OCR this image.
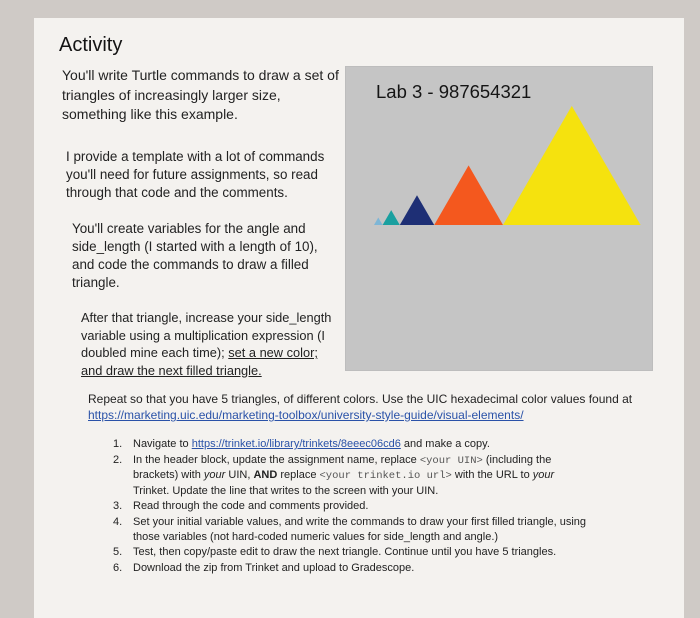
Activity
You'll write Turtle commands to draw a set of triangles of increasingly larger size, something like this example.
I provide a template with a lot of commands you'll need for future assignments, so read through that code and the comments.
You'll create variables for the angle and side_length (I started with a length of 10), and code the commands to draw a filled triangle.
After that triangle, increase your side_length variable using a multiplication expression (I doubled mine each time); set a new color; and draw the next filled triangle.
Lab 3 - 987654321
Repeat so that you have 5 triangles, of different colors. Use the UIC hexadecimal color values found at https://marketing.uic.edu/marketing-toolbox/university-style-guide/visual-elements/
1. Navigate to https://trinket.io/library/trinkets/8eeec06cd6 and make a copy.
2. In the header block, update the assignment name, replace <your UIN> (including the brackets) with your UIN, AND replace <your trinket.io url> with the URL to your Trinket. Update the line that writes to the screen with your UIN.
3. Read through the code and comments provided.
4. Set your initial variable values, and write the commands to draw your first filled triangle, using those variables (not hard-coded numeric values for side_length and angle.)
5. Test, then copy/paste edit to draw the next triangle. Continue until you have 5 triangles.
6. Download the zip from Trinket and upload to Gradescope.
